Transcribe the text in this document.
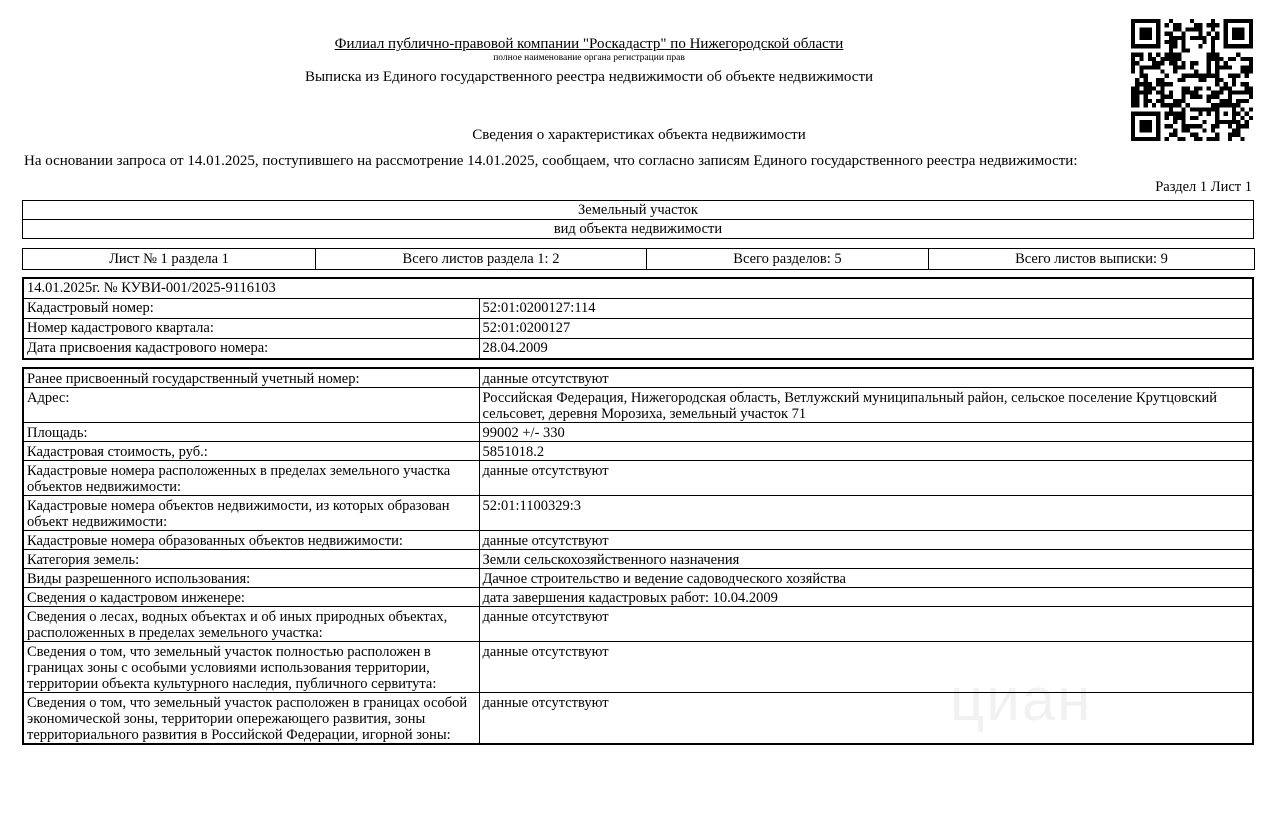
Филиал публично-правовой компании "Роскадастр" по Нижегородской области
полное наименование органа регистрации прав
Выписка из Единого государственного реестра недвижимости об объекте недвижимости
Сведения о характеристиках объекта недвижимости
На основании запроса от 14.01.2025, поступившего на рассмотрение 14.01.2025, сообщаем, что согласно записям Единого государственного реестра недвижимости:
Раздел 1 Лист 1
Земельный участок
вид объекта недвижимости
Лист № 1 раздела 1	Всего листов раздела 1: 2	Всего разделов: 5	Всего листов выписки: 9
14.01.2025г. № КУВИ-001/2025-9116103	
Кадастровый номер:	52:01:0200127:114
Номер кадастрового квартала:	52:01:0200127
Дата присвоения кадастрового номера:	28.04.2009
Ранее присвоенный государственный учетный номер:	данные отсутствуют
Адрес:	Российская Федерация, Нижегородская область, Ветлужский муниципальный район, сельское поселение Крутцовский сельсовет, деревня Морозиха, земельный участок 71
Площадь:	99002 +/- 330
Кадастровая стоимость, руб.:	5851018.2
Кадастровые номера расположенных в пределах земельного участка объектов недвижимости:	данные отсутствуют
Кадастровые номера объектов недвижимости, из которых образован объект недвижимости:	52:01:1100329:3
Кадастровые номера образованных объектов недвижимости:	данные отсутствуют
Категория земель:	Земли сельскохозяйственного назначения
Виды разрешенного использования:	Дачное строительство и ведение садоводческого хозяйства
Сведения о кадастровом инженере:	дата завершения кадастровых работ: 10.04.2009
Сведения о лесах, водных объектах и об иных природных объектах, расположенных в пределах земельного участка:	данные отсутствуют
Сведения о том, что земельный участок полностью расположен в границах зоны с особыми условиями использования территории, территории объекта культурного наследия, публичного сервитута:	данные отсутствуют
Сведения о том, что земельный участок расположен в границах особой экономической зоны, территории опережающего развития, зоны территориального развития в Российской Федерации, игорной зоны:	данные отсутствуют	циан
